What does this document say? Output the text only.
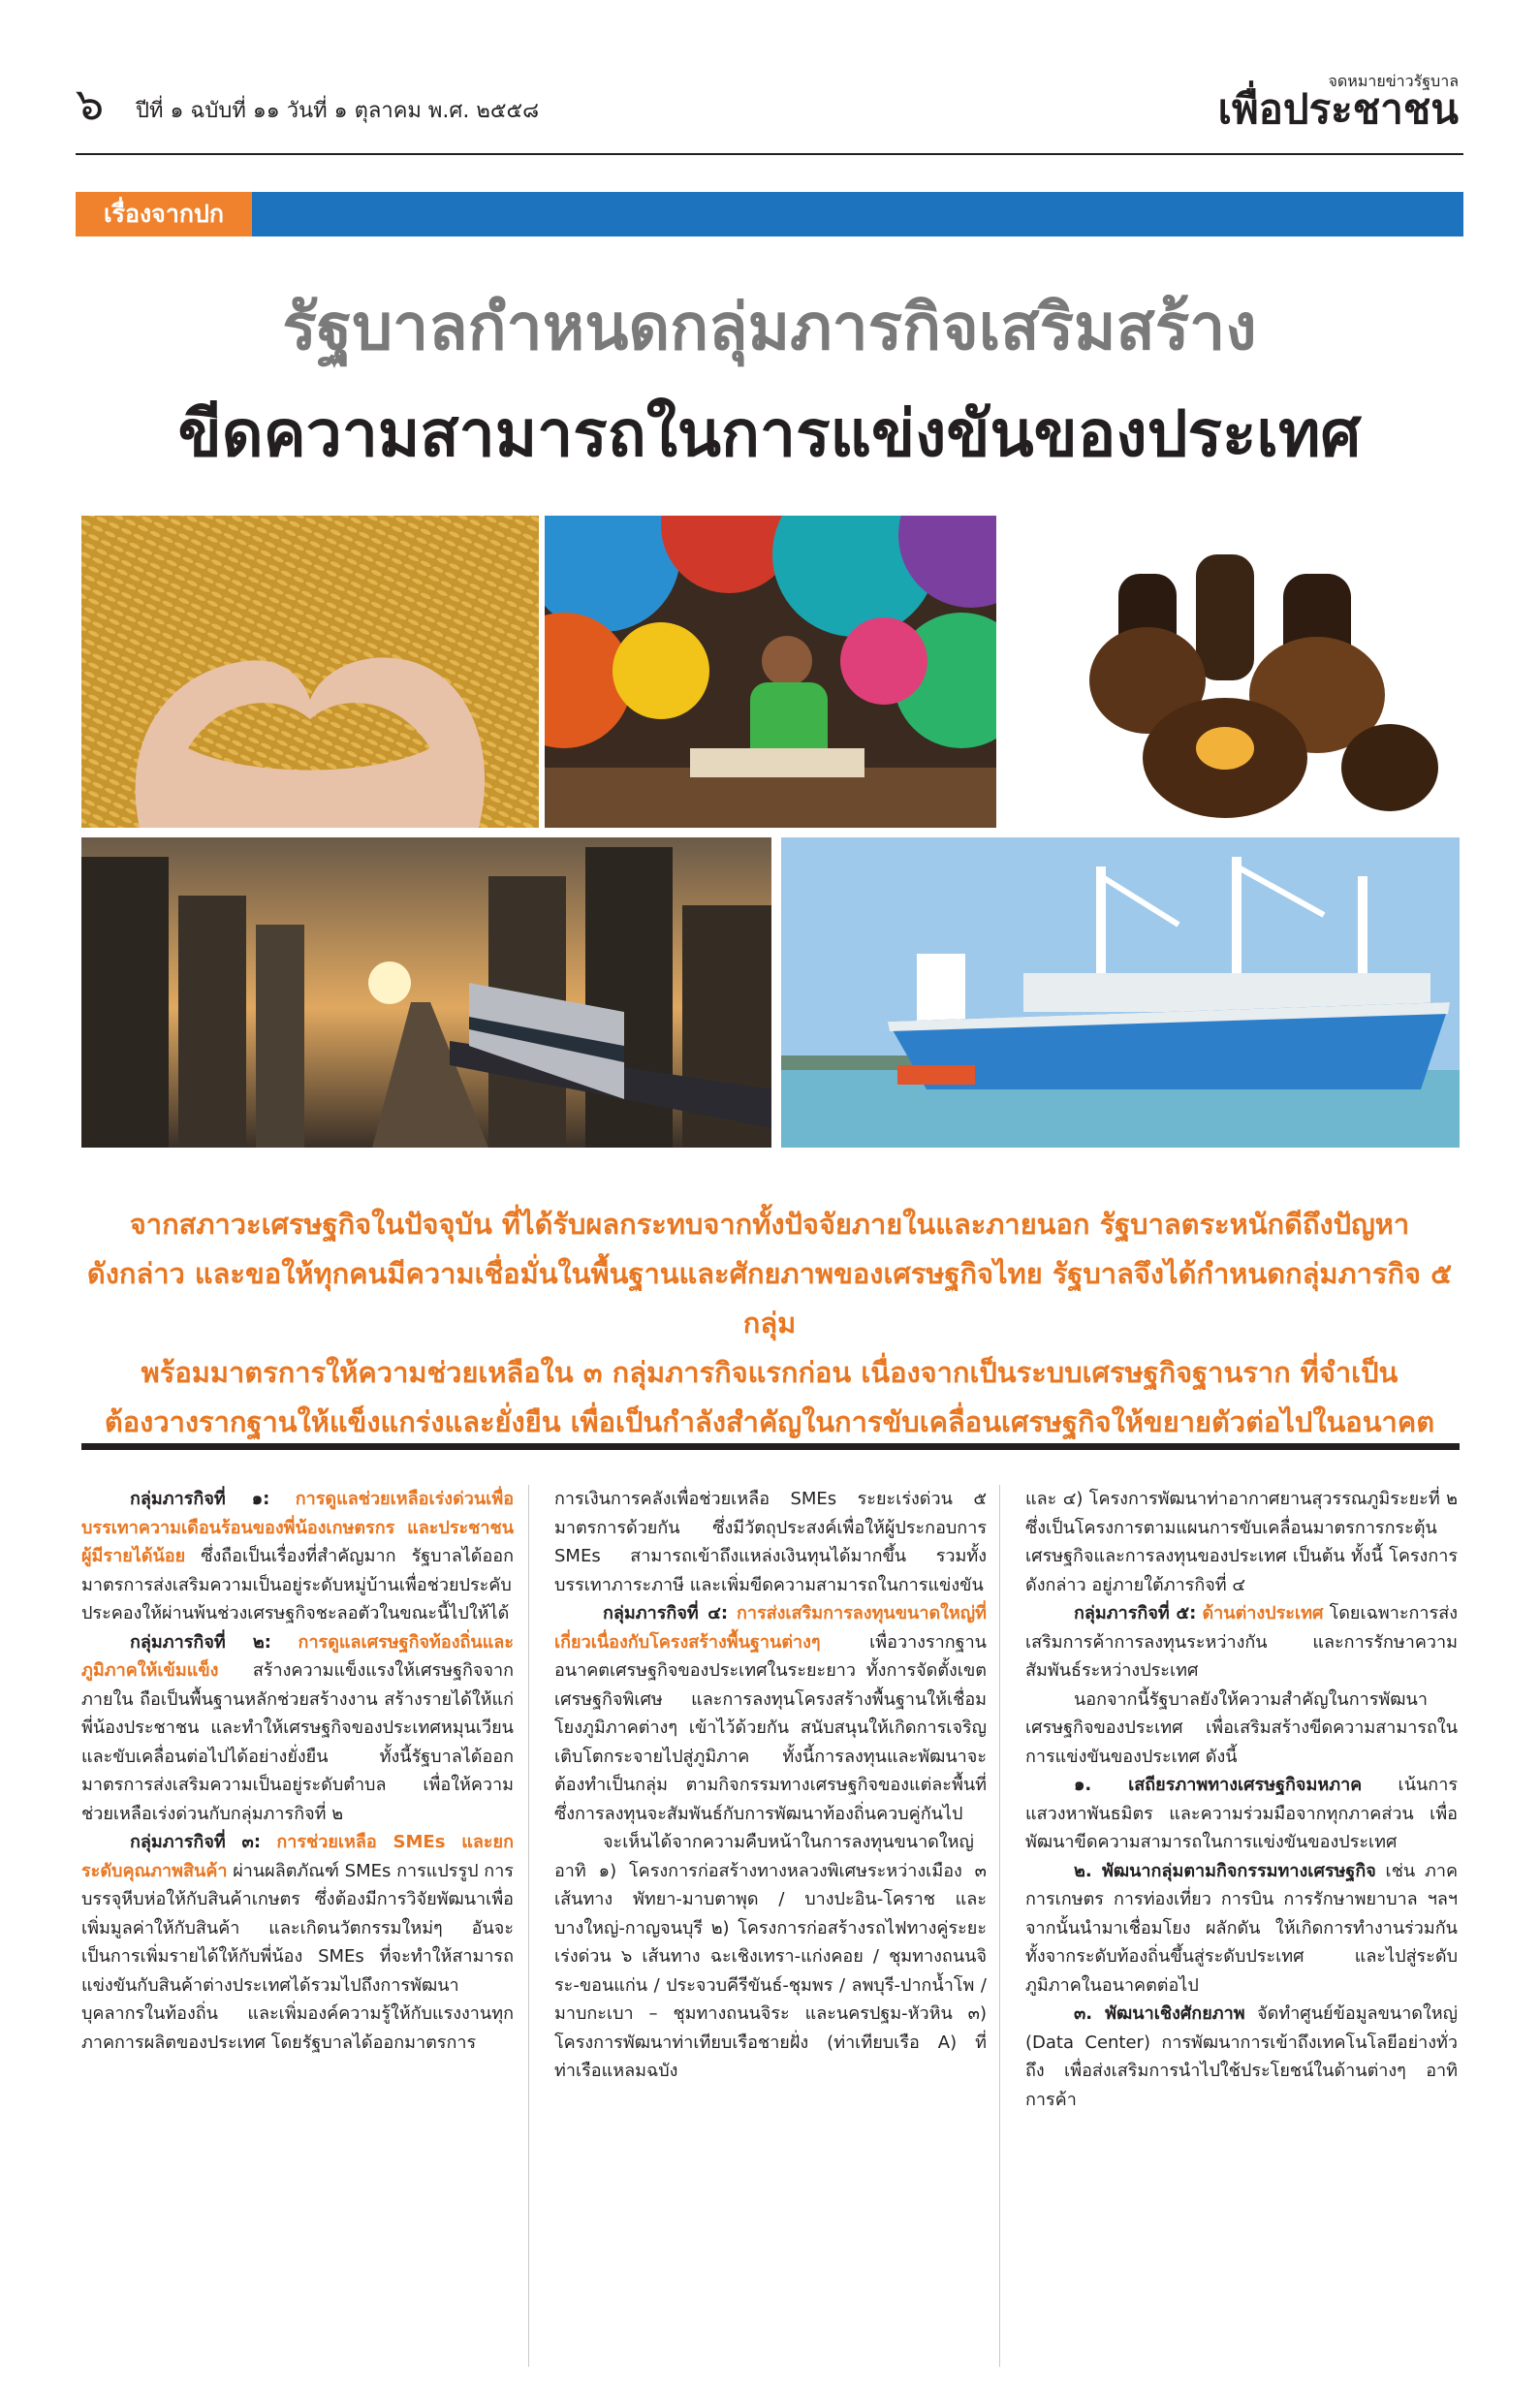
๖ ปีที่ ๑ ฉบับที่ ๑๑ วันที่ ๑ ตุลาคม พ.ศ. ๒๕๕๘
จดหมายข่าวรัฐบาล
เพื่อประชาชน
เรื่องจากปก
รัฐบาลกำหนดกลุ่มภารกิจเสริมสร้าง
ขีดความสามารถในการแข่งขันของประเทศ

จากสภาวะเศรษฐกิจในปัจจุบัน ที่ได้รับผลกระทบจากทั้งปัจจัยภายในและภายนอก รัฐบาลตระหนักดีถึงปัญหา

ดังกล่าว และขอให้ทุกคนมีความเชื่อมั่นในพื้นฐานและศักยภาพของเศรษฐกิจไทย รัฐบาลจึงได้กำหนดกลุ่มภารกิจ ๕ กลุ่ม

พร้อมมาตรการให้ความช่วยเหลือใน ๓ กลุ่มภารกิจแรกก่อน เนื่องจากเป็นระบบเศรษฐกิจฐานราก ที่จำเป็น

ต้องวางรากฐานให้แข็งแกร่งและยั่งยืน เพื่อเป็นกำลังสำคัญในการขับเคลื่อนเศรษฐกิจให้ขยายตัวต่อไปในอนาคต

กลุ่มภารกิจที่ ๑: การดูแลช่วยเหลือเร่งด่วนเพื่อบรรเทาความเดือนร้อนของพี่น้องเกษตรกร และประชาชนผู้มีรายได้น้อย ซึ่งถือเป็นเรื่องที่สำคัญมาก รัฐบาลได้ออกมาตรการส่งเสริมความเป็นอยู่ระดับหมู่บ้านเพื่อช่วยประคับประคองให้ผ่านพ้นช่วงเศรษฐกิจชะลอตัวในขณะนี้ไปให้ได้

กลุ่มภารกิจที่ ๒: การดูแลเศรษฐกิจท้องถิ่นและภูมิภาคให้เข้มแข็ง สร้างความแข็งแรงให้เศรษฐกิจจากภายใน ถือเป็นพื้นฐานหลักช่วยสร้างงาน สร้างรายได้ให้แก่พี่น้องประชาชน และทำให้เศรษฐกิจของประเทศหมุนเวียน และขับเคลื่อนต่อไปได้อย่างยั่งยืน ทั้งนี้รัฐบาลได้ออกมาตรการส่งเสริมความเป็นอยู่ระดับตำบล เพื่อให้ความช่วยเหลือเร่งด่วนกับกลุ่มภารกิจที่ ๒

กลุ่มภารกิจที่ ๓: การช่วยเหลือ SMEs และยกระดับคุณภาพสินค้า ผ่านผลิตภัณฑ์ SMEs การแปรรูป การบรรจุหีบห่อให้กับสินค้าเกษตร ซึ่งต้องมีการวิจัยพัฒนาเพื่อเพิ่มมูลค่าให้กับสินค้า และเกิดนวัตกรรมใหม่ๆ อันจะเป็นการเพิ่มรายได้ให้กับพี่น้อง SMEs ที่จะทำให้สามารถแข่งขันกับสินค้าต่างประเทศได้รวมไปถึงการพัฒนาบุคลากรในท้องถิ่น และเพิ่มองค์ความรู้ให้กับแรงงานทุกภาคการผลิตของประเทศ โดยรัฐบาลได้ออกมาตรการ

การเงินการคลังเพื่อช่วยเหลือ SMEs ระยะเร่งด่วน ๕ มาตรการด้วยกัน ซึ่งมีวัตถุประสงค์เพื่อให้ผู้ประกอบการ SMEs สามารถเข้าถึงแหล่งเงินทุนได้มากขึ้น รวมทั้งบรรเทาภาระภาษี และเพิ่มขีดความสามารถในการแข่งขัน

กลุ่มภารกิจที่ ๔: การส่งเสริมการลงทุนขนาดใหญ่ที่เกี่ยวเนื่องกับโครงสร้างพื้นฐานต่างๆ	เพื่อวางรากฐานอนาคตเศรษฐกิจของประเทศในระยะยาว ทั้งการจัดตั้งเขตเศรษฐกิจพิเศษ และการลงทุนโครงสร้างพื้นฐานให้เชื่อมโยงภูมิภาคต่างๆ เข้าไว้ด้วยกัน สนับสนุนให้เกิดการเจริญเติบโตกระจายไปสู่ภูมิภาค ทั้งนี้การลงทุนและพัฒนาจะต้องทำเป็นกลุ่ม ตามกิจกรรมทางเศรษฐกิจของแต่ละพื้นที่ ซึ่งการลงทุนจะสัมพันธ์กับการพัฒนาท้องถิ่นควบคู่กันไป

จะเห็นได้จากความคืบหน้าในการลงทุนขนาดใหญ่ อาทิ ๑) โครงการก่อสร้างทางหลวงพิเศษระหว่างเมือง ๓ เส้นทาง พัทยา-มาบตาพุด / บางปะอิน-โคราช และบางใหญ่-กาญจนบุรี ๒) โครงการก่อสร้างรถไฟทางคู่ระยะเร่งด่วน ๖ เส้นทาง ฉะเชิงเทรา-แก่งคอย / ชุมทางถนนจิระ-ขอนแก่น / ประจวบคีรีขันธ์-ชุมพร / ลพบุรี-ปากน้ำโพ / มาบกะเบา – ชุมทางถนนจิระ และนครปฐม-หัวหิน ๓) โครงการพัฒนาท่าเทียบเรือชายฝั่ง (ท่าเทียบเรือ A) ที่ท่าเรือแหลมฉบัง

และ ๔) โครงการพัฒนาท่าอากาศยานสุวรรณภูมิระยะที่ ๒ ซึ่งเป็นโครงการตามแผนการขับเคลื่อนมาตรการกระตุ้นเศรษฐกิจและการลงทุนของประเทศ เป็นต้น ทั้งนี้ โครงการดังกล่าว อยู่ภายใต้ภารกิจที่ ๔

กลุ่มภารกิจที่ ๕: ด้านต่างประเทศ โดยเฉพาะการส่งเสริมการค้าการลงทุนระหว่างกัน และการรักษาความสัมพันธ์ระหว่างประเทศ

นอกจากนี้รัฐบาลยังให้ความสำคัญในการพัฒนาเศรษฐกิจของประเทศ เพื่อเสริมสร้างขีดความสามารถในการแข่งขันของประเทศ ดังนี้

๑. เสถียรภาพทางเศรษฐกิจมหภาค เน้นการแสวงหาพันธมิตร และความร่วมมือจากทุกภาคส่วน เพื่อพัฒนาขีดความสามารถในการแข่งขันของประเทศ

๒. พัฒนากลุ่มตามกิจกรรมทางเศรษฐกิจ เช่น ภาคการเกษตร การท่องเที่ยว การบิน การรักษาพยาบาล ฯลฯ จากนั้นนำมาเชื่อมโยง ผลักดัน ให้เกิดการทำงานร่วมกันทั้งจากระดับท้องถิ่นขึ้นสู่ระดับประเทศ และไปสู่ระดับภูมิภาคในอนาคตต่อไป

๓. พัฒนาเชิงศักยภาพ จัดทำศูนย์ข้อมูลขนาดใหญ่ (Data Center) การพัฒนาการเข้าถึงเทคโนโลยีอย่างทั่วถึง เพื่อส่งเสริมการนำไปใช้ประโยชน์ในด้านต่างๆ อาทิ การค้า
